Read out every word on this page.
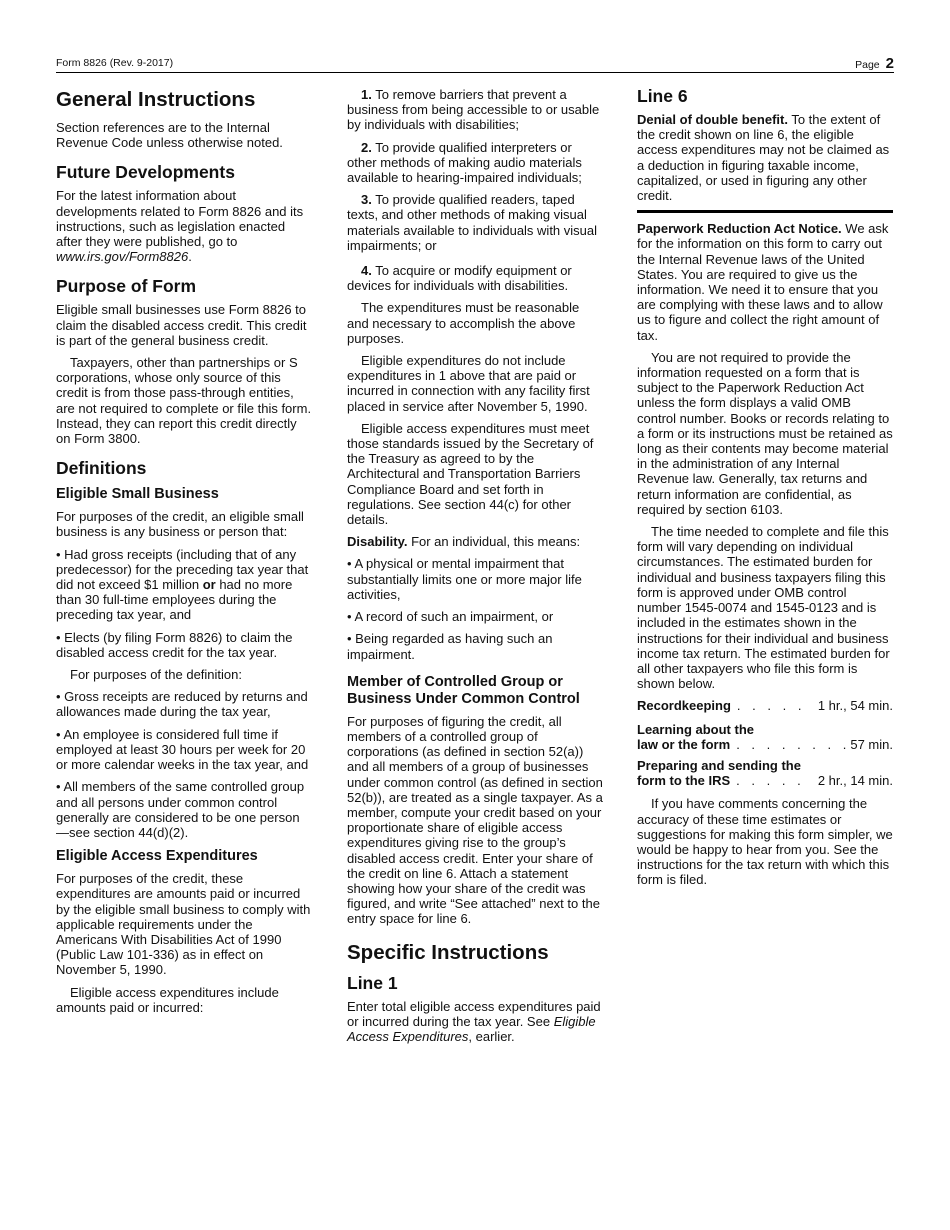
Form 8826 (Rev. 9-2017)	Page 2
General Instructions

Section references are to the Internal Revenue Code unless otherwise noted.

Future Developments

For the latest information about developments related to Form 8826 and its instructions, such as legislation enacted after they were published, go to www.irs.gov/Form8826.

Purpose of Form

Eligible small businesses use Form 8826 to claim the disabled access credit. This credit is part of the general business credit.

Taxpayers, other than partnerships or S corporations, whose only source of this credit is from those pass-through entities, are not required to complete or file this form. Instead, they can report this credit directly on Form 3800.

Definitions
Eligible Small Business

For purposes of the credit, an eligible small business is any business or person that:

• Had gross receipts (including that of any predecessor) for the preceding tax year that did not exceed $1 million or had no more than 30 full-time employees during the preceding tax year, and

• Elects (by filing Form 8826) to claim the disabled access credit for the tax year.

For purposes of the definition:

• Gross receipts are reduced by returns and allowances made during the tax year,

• An employee is considered full time if employed at least 30 hours per week for 20 or more calendar weeks in the tax year, and

• All members of the same controlled group and all persons under common control generally are considered to be one person—see section 44(d)(2).

Eligible Access Expenditures

For purposes of the credit, these expenditures are amounts paid or incurred by the eligible small business to comply with applicable requirements under the Americans With Disabilities Act of 1990 (Public Law 101-336) as in effect on November 5, 1990.

Eligible access expenditures include amounts paid or incurred:

1. To remove barriers that prevent a business from being accessible to or usable by individuals with disabilities;

2. To provide qualified interpreters or other methods of making audio materials available to hearing-impaired individuals;

3. To provide qualified readers, taped texts, and other methods of making visual materials available to individuals with visual impairments; or

4. To acquire or modify equipment or devices for individuals with disabilities.

The expenditures must be reasonable and necessary to accomplish the above purposes.

Eligible expenditures do not include expenditures in 1 above that are paid or incurred in connection with any facility first placed in service after November 5, 1990.

Eligible access expenditures must meet those standards issued by the Secretary of the Treasury as agreed to by the Architectural and Transportation Barriers Compliance Board and set forth in regulations. See section 44(c) for other details.

Disability. For an individual, this means:

• A physical or mental impairment that substantially limits one or more major life activities,

• A record of such an impairment, or

• Being regarded as having such an impairment.

Member of Controlled Group or Business Under Common Control

For purposes of figuring the credit, all members of a controlled group of corporations (as defined in section 52(a)) and all members of a group of businesses under common control (as defined in section 52(b)), are treated as a single taxpayer. As a member, compute your credit based on your proportionate share of eligible access expenditures giving rise to the group’s disabled access credit. Enter your share of the credit on line 6. Attach a statement showing how your share of the credit was figured, and write “See attached” next to the entry space for line 6.

Specific Instructions
Line 1

Enter total eligible access expenditures paid or incurred during the tax year. See Eligible Access Expenditures, earlier.

Line 6

Denial of double benefit. To the extent of the credit shown on line 6, the eligible access expenditures may not be claimed as a deduction in figuring taxable income, capitalized, or used in figuring any other credit.

Paperwork Reduction Act Notice. We ask for the information on this form to carry out the Internal Revenue laws of the United States. You are required to give us the information. We need it to ensure that you are complying with these laws and to allow us to figure and collect the right amount of tax.

You are not required to provide the information requested on a form that is subject to the Paperwork Reduction Act unless the form displays a valid OMB control number. Books or records relating to a form or its instructions must be retained as long as their contents may become material in the administration of any Internal Revenue law. Generally, tax returns and return information are confidential, as required by section 6103.

The time needed to complete and file this form will vary depending on individual circumstances. The estimated burden for individual and business taxpayers filing this form is approved under OMB control number 1545-0074 and 1545-0123 and is included in the estimates shown in the instructions for their individual and business income tax return. The estimated burden for all other taxpayers who file this form is shown below.

Recordkeeping . . . . . 1 hr., 54 min.
Learning about the
law or the form . . . . . . . . 57 min.
Preparing and sending the
form to the IRS . . . . .	2 hr., 14 min.

If you have comments concerning the accuracy of these time estimates or suggestions for making this form simpler, we would be happy to hear from you. See the instructions for the tax return with which this form is filed.
